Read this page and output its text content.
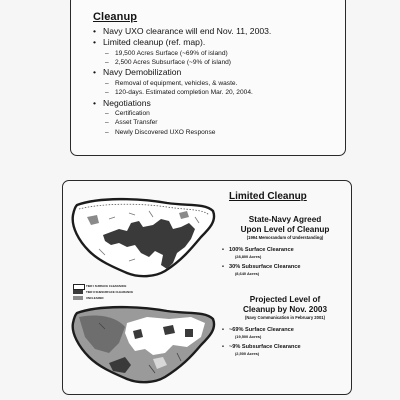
Cleanup
• Navy UXO clearance will end Nov. 11, 2003.
• Limited cleanup (ref. map).
– 19,500 Acres Surface (~69% of island)
– 2,500 Acres Subsurface (~9% of island)
• Navy Demobilization
– Removal of equipment, vehicles, & waste.
– 120-days. Estimated completion Mar. 20, 2004.
• Negotiations
– Certification
– Asset Transfer
– Newly Discovered UXO Response
TIER I SURFACE CLEARANCE
TIER II SUBSURFACE CLEARANCE
UNCLEARED
Limited Cleanup
State-Navy Agreed
Upon Level of Cleanup
(1994 Memorandum of Understanding)
• 100% Surface Clearance
(28,800 Acres)
• 30% Subsurface Clearance
(8,640 Acres)
Projected Level of
Cleanup by Nov. 2003
(Navy Communication in February 2001)
• ~69% Surface Clearance
(19,500 Acres)
• ~9% Subsurface Clearance
(2,500 Acres)
